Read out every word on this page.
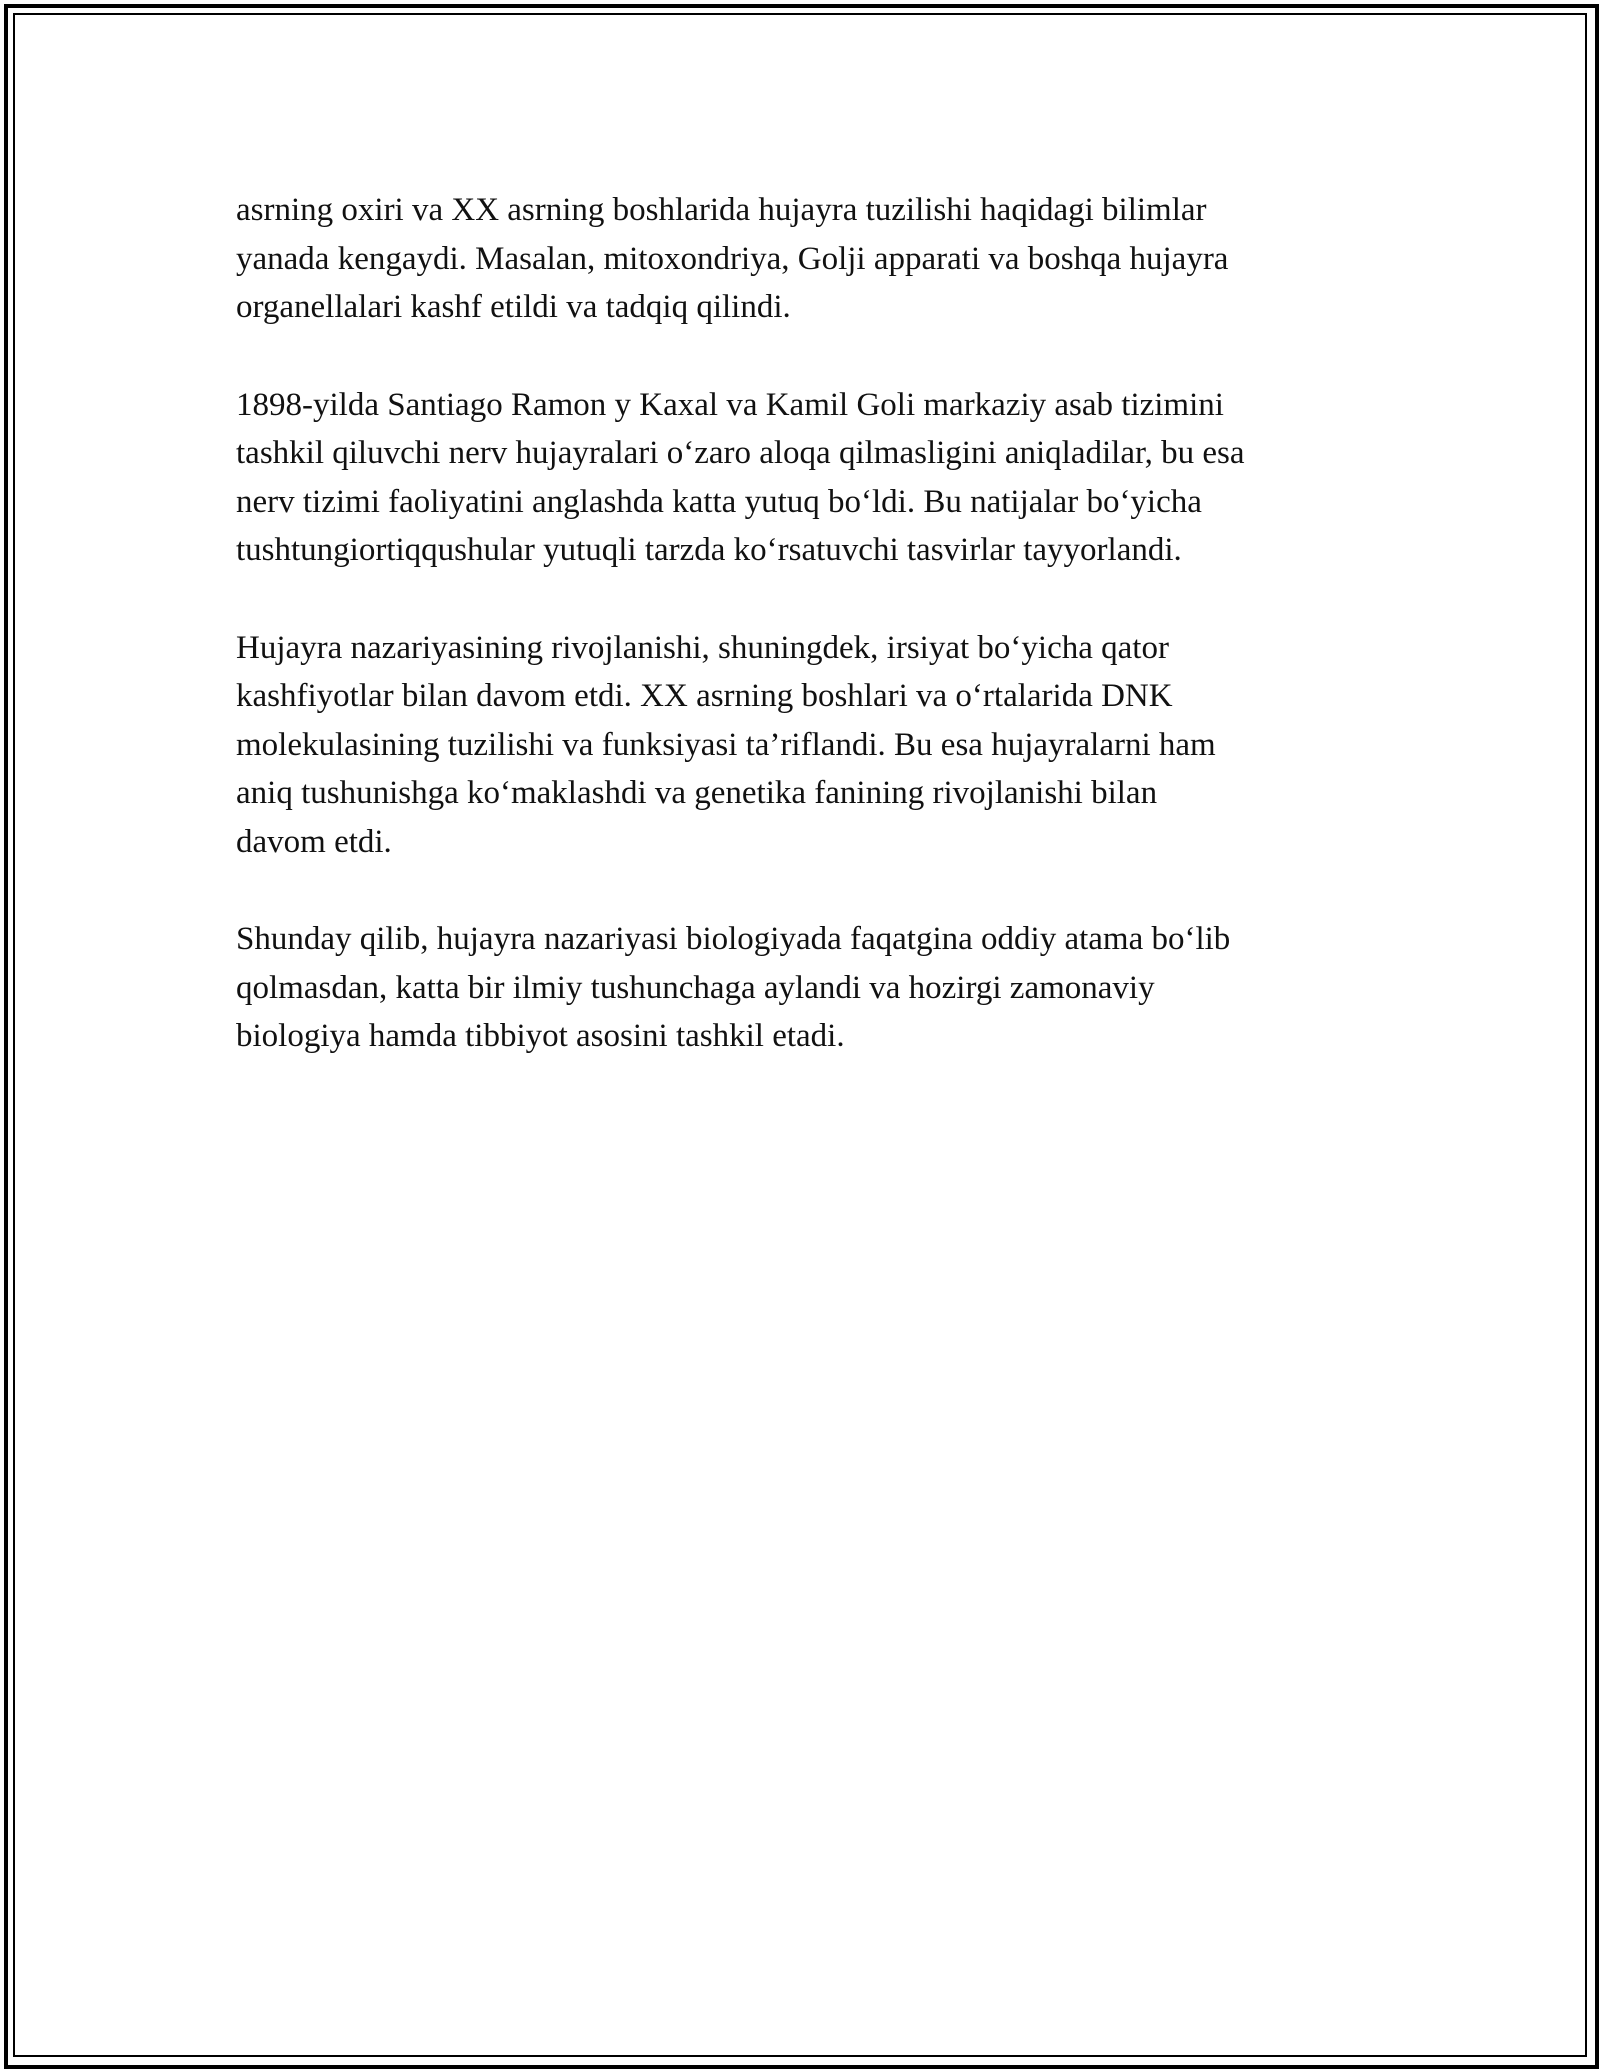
asrning oxiri va XX asrning boshlarida hujayra tuzilishi haqidagi bilimlar
yanada kengaydi. Masalan, mitoxondriya, Golji apparati va boshqa hujayra
organellalari kashf etildi va tadqiq qilindi.

1898-yilda Santiago Ramon y Kaxal va Kamil Goli markaziy asab tizimini
tashkil qiluvchi nerv hujayralari o‘zaro aloqa qilmasligini aniqladilar, bu esa
nerv tizimi faoliyatini anglashda katta yutuq bo‘ldi. Bu natijalar bo‘yicha
tushtungiortiqqushular yutuqli tarzda ko‘rsatuvchi tasvirlar tayyorlandi.

Hujayra nazariyasining rivojlanishi, shuningdek, irsiyat bo‘yicha qator
kashfiyotlar bilan davom etdi. XX asrning boshlari va o‘rtalarida DNK
molekulasining tuzilishi va funksiyasi ta’riflandi. Bu esa hujayralarni ham
aniq tushunishga ko‘maklashdi va genetika fanining rivojlanishi bilan
davom etdi.

Shunday qilib, hujayra nazariyasi biologiyada faqatgina oddiy atama bo‘lib
qolmasdan, katta bir ilmiy tushunchaga aylandi va hozirgi zamonaviy
biologiya hamda tibbiyot asosini tashkil etadi.
